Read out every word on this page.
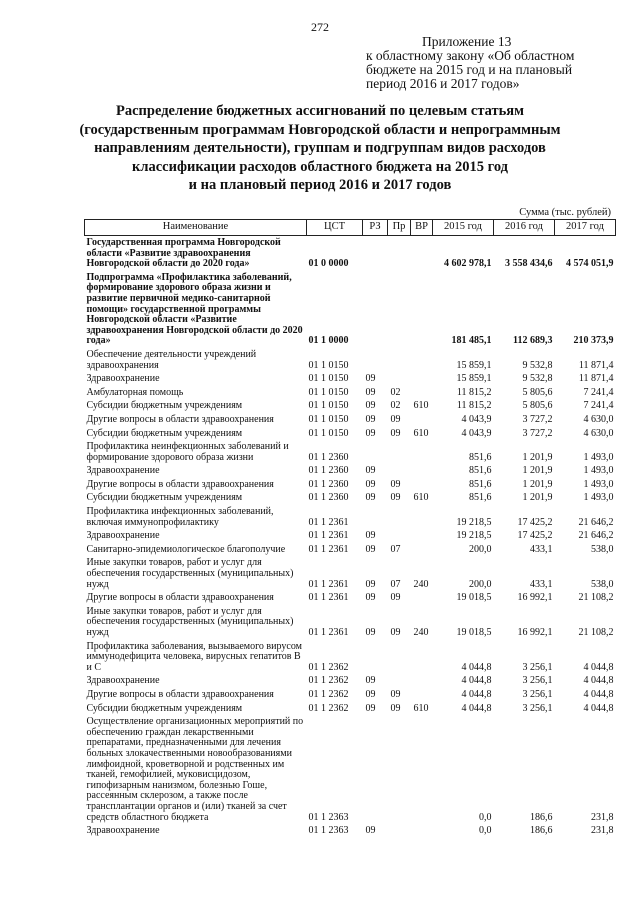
272
Приложение 13
к областному закону «Об областном
бюджете на 2015 год и на плановый
период 2016 и 2017 годов»
Распределение бюджетных ассигнований по целевым статьям
(государственным программам Новгородской области и непрограммным
направлениям деятельности), группам и подгруппам видов расходов
классификации расходов областного бюджета на 2015 год
и на плановый период 2016 и 2017 годов
Сумма (тыс. рублей)
Наименование	ЦСТ	РЗ	Пр	ВР	2015 год	2016 год	2017 год
Государственная программа Новгородской области «Развитие здравоохранения Новгородской области до 2020 года»	01 0 0000				4 602 978,1	3 558 434,6	4 574 051,9
Подпрограмма «Профилактика заболеваний, формирование здорового образа жизни и развитие первичной медико-санитарной помощи» государственной программы Новгородской области «Развитие здравоохранения Новгородской области до 2020 года»	01 1 0000				181 485,1	112 689,3	210 373,9
Обеспечение деятельности учреждений здравоохранения	01 1 0150				15 859,1	9 532,8	11 871,4
Здравоохранение	01 1 0150	09			15 859,1	9 532,8	11 871,4
Амбулаторная помощь	01 1 0150	09	02		11 815,2	5 805,6	7 241,4
Субсидии бюджетным учреждениям	01 1 0150	09	02	610	11 815,2	5 805,6	7 241,4
Другие вопросы в области здравоохранения	01 1 0150	09	09		4 043,9	3 727,2	4 630,0
Субсидии бюджетным учреждениям	01 1 0150	09	09	610	4 043,9	3 727,2	4 630,0
Профилактика неинфекционных заболеваний и формирование здорового образа жизни	01 1 2360				851,6	1 201,9	1 493,0
Здравоохранение	01 1 2360	09			851,6	1 201,9	1 493,0
Другие вопросы в области здравоохранения	01 1 2360	09	09		851,6	1 201,9	1 493,0
Субсидии бюджетным учреждениям	01 1 2360	09	09	610	851,6	1 201,9	1 493,0
Профилактика инфекционных заболеваний, включая иммунопрофилактику	01 1 2361				19 218,5	17 425,2	21 646,2
Здравоохранение	01 1 2361	09			19 218,5	17 425,2	21 646,2
Санитарно-эпидемиологическое благополучие	01 1 2361	09	07		200,0	433,1	538,0
Иные закупки товаров, работ и услуг для обеспечения государственных (муниципальных) нужд	01 1 2361	09	07	240	200,0	433,1	538,0
Другие вопросы в области здравоохранения	01 1 2361	09	09		19 018,5	16 992,1	21 108,2
Иные закупки товаров, работ и услуг для обеспечения государственных (муниципальных) нужд	01 1 2361	09	09	240	19 018,5	16 992,1	21 108,2
Профилактика заболевания, вызываемого вирусом иммунодефицита человека, вирусных гепатитов В и С	01 1 2362				4 044,8	3 256,1	4 044,8
Здравоохранение	01 1 2362	09			4 044,8	3 256,1	4 044,8
Другие вопросы в области здравоохранения	01 1 2362	09	09		4 044,8	3 256,1	4 044,8
Субсидии бюджетным учреждениям	01 1 2362	09	09	610	4 044,8	3 256,1	4 044,8
Осуществление организационных мероприятий по обеспечению граждан лекарственными препаратами, предназначенными для лечения больных злокачественными новообразованиями лимфоидной, кроветворной и родственных им тканей, гемофилией, муковисцидозом, гипофизарным нанизмом, болезнью Гоше, рассеянным склерозом, а также после трансплантации органов и (или) тканей за счет средств областного бюджета	01 1 2363				0,0	186,6	231,8
Здравоохранение	01 1 2363	09			0,0	186,6	231,8
